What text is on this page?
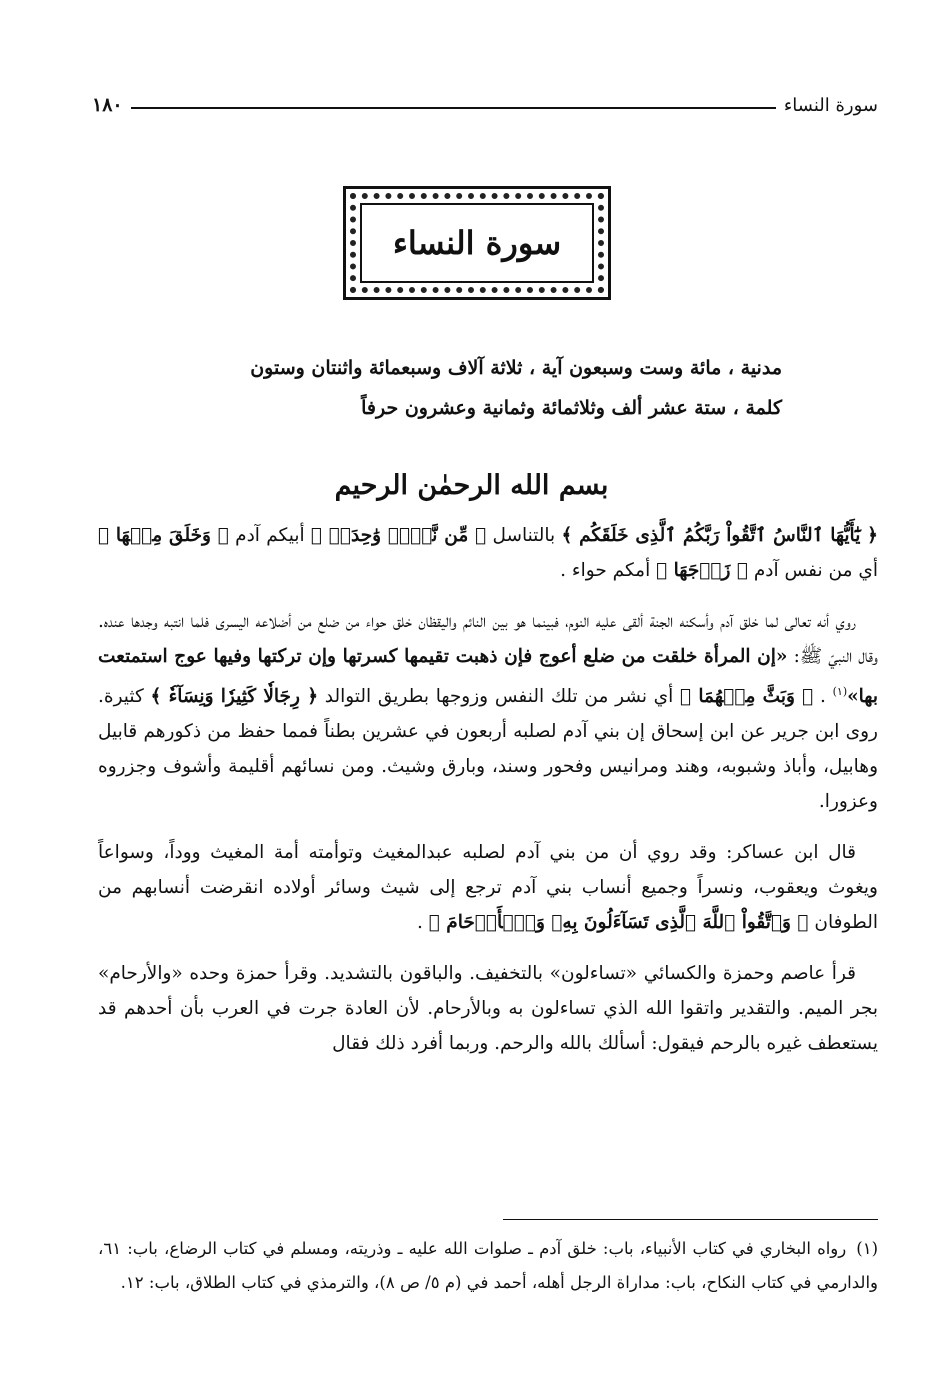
سورة النساء
١٨٠
سورة النساء
مدنية ، مائة وست وسبعون آية ، ثلاثة آلاف وسبعمائة واثنتان وستون
كلمة ، ستة عشر ألف وثلاثمائة وثمانية وعشرون حرفاً
بسم الله الرحمٰن الرحيم

﴿ يَٰٓأَيُّهَا ٱلنَّاسُ ٱتَّقُواْ رَبَّكُمُ ٱلَّذِى خَلَقَكُم ﴾ بالتناسل ﴿ مِّن نَّفۡسٖ وَٰحِدَةٖ ﴾ أبيكم آدم ﴿ وَخَلَقَ مِنۡهَا ﴾ أي من نفس آدم ﴿ زَوۡجَهَا ﴾ أمكم حواء .

روي أنه تعالى لما خلق آدم وأسكنه الجنة ألقى عليه النوم، فبينما هو بين النائم واليقظان خلق حواء من ضلع من أضلاعه اليسرى فلما انتبه وجدها عنده. وقال النبيّ ﷺ: «إن المرأة خلقت من ضلع أعوج فإن ذهبت تقيمها كسرتها وإن تركتها وفيها عوج استمتعت بها»$^{(١)}$ . ﴿ وَبَثَّ مِنۡهُمَا ﴾ أي نشر من تلك النفس وزوجها بطريق التوالد ﴿ رِجَالٗا كَثِيرٗا وَنِسَآءٗ ﴾ كثيرة. روى ابن جرير عن ابن إسحاق إن بني آدم لصلبه أربعون في عشرين بطناً فمما حفظ من ذكورهم قابيل وهابيل، وأباذ وشبوبه، وهند ومرانيس وفحور وسند، وبارق وشيث. ومن نسائهم أقليمة وأشوف وجزروه وعزورا.

قال ابن عساكر: وقد روي أن من بني آدم لصلبه عبدالمغيث وتوأمته أمة المغيث ووداً، وسواعاً ويغوث ويعقوب، ونسراً وجميع أنساب بني آدم ترجع إلى شيث وسائر أولاده انقرضت أنسابهم من الطوفان ﴿ وَٱتَّقُواْ ٱللَّهَ ٱلَّذِى تَسَآءَلُونَ بِهِۦ وَٱلۡأَرۡحَامَ ﴾ .

قرأ عاصم وحمزة والكسائي «تساءلون» بالتخفيف. والباقون بالتشديد. وقرأ حمزة وحده «والأرحام» بجر الميم. والتقدير واتقوا الله الذي تساءلون به وبالأرحام. لأن العادة جرت في العرب بأن أحدهم قد يستعطف غيره بالرحم فيقول: أسألك بالله والرحم. وربما أفرد ذلك فقال

(١)رواه البخاري في كتاب الأنبياء، باب: خلق آدم ـ صلوات الله عليه ـ وذريته، ومسلم في كتاب الرضاع، باب: ٦١، والدارمي في كتاب النكاح، باب: مداراة الرجل أهله، أحمد في (م ٥/ ص ٨)، والترمذي في كتاب الطلاق، باب: ١٢.
